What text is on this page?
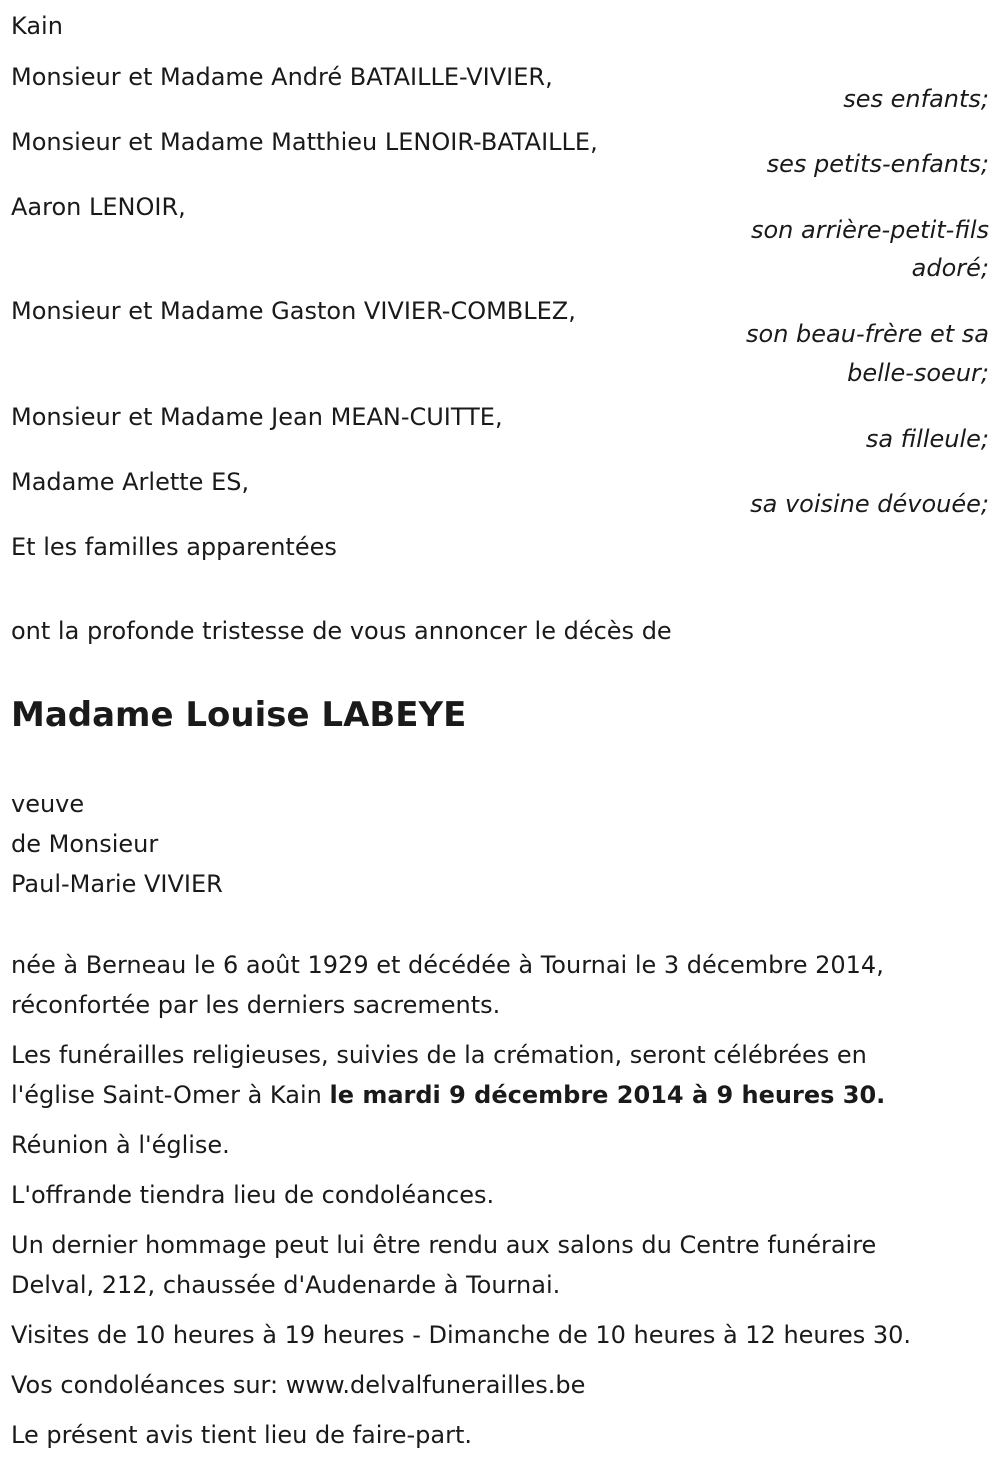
Kain
Monsieur et Madame André BATAILLE-VIVIER,
ses enfants;
Monsieur et Madame Matthieu LENOIR-BATAILLE,
ses petits-enfants;
Aaron LENOIR,
son arrière-petit-fils
adoré;
Monsieur et Madame Gaston VIVIER-COMBLEZ,
son beau-frère et sa
belle-soeur;
Monsieur et Madame Jean MEAN-CUITTE,
sa filleule;
Madame Arlette ES,
sa voisine dévouée;
Et les familles apparentées
ont la profonde tristesse de vous annoncer le décès de
Madame Louise LABEYE
veuve
de Monsieur
Paul-Marie VIVIER
née à Berneau le 6 août 1929 et décédée à Tournai le 3 décembre 2014,
réconfortée par les derniers sacrements.
Les funérailles religieuses, suivies de la crémation, seront célébrées en
l'église Saint-Omer à Kain le mardi 9 décembre 2014 à 9 heures 30.
Réunion à l'église.
L'offrande tiendra lieu de condoléances.
Un dernier hommage peut lui être rendu aux salons du Centre funéraire
Delval, 212, chaussée d'Audenarde à Tournai.
Visites de 10 heures à 19 heures - Dimanche de 10 heures à 12 heures 30.
Vos condoléances sur: www.delvalfunerailles.be
Le présent avis tient lieu de faire-part.
